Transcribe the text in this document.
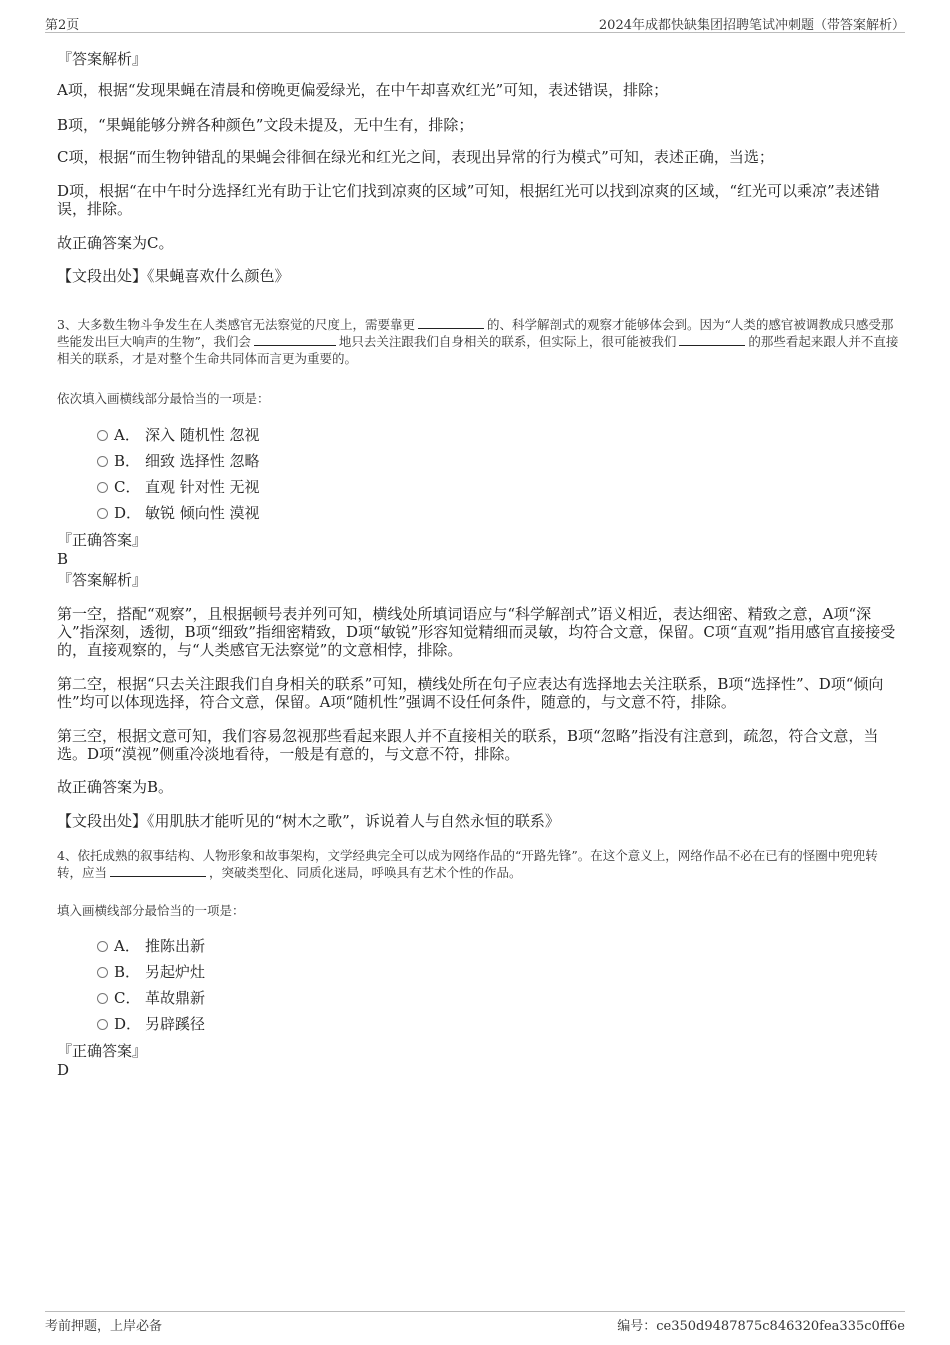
第2页	2024年成都快缺集团招聘笔试冲刺题（带答案解析）
『答案解析』
A项，根据“发现果蝇在清晨和傍晚更偏爱绿光，在中午却喜欢红光”可知，表述错误，排除；
B项，“果蝇能够分辨各种颜色”文段未提及，无中生有，排除；
C项，根据“而生物钟错乱的果蝇会徘徊在绿光和红光之间，表现出异常的行为模式”可知，表述正确，当选；
D项，根据“在中午时分选择红光有助于让它们找到凉爽的区域”可知，根据红光可以找到凉爽的区域，“红光可以乘凉”表述错误，排除。
故正确答案为C。
【文段出处】《果蝇喜欢什么颜色》
3、大多数生物斗争发生在人类感官无法察觉的尺度上，需要靠更	的、科学解剖式的观察才能够体会到。因为“人类的感官被调教成只感受那些能发出巨大响声的生物”，我们会	地只去关注跟我们自身相关的联系，但实际上，很可能被我们	的那些看起来跟人并不直接相关的联系，才是对整个生命共同体而言更为重要的。
依次填入画横线部分最恰当的一项是：
A． 深入 随机性 忽视
B． 细致 选择性 忽略
C． 直观 针对性 无视
D． 敏锐 倾向性 漠视
『正确答案』
B
『答案解析』
第一空，搭配“观察”，且根据顿号表并列可知，横线处所填词语应与“科学解剖式”语义相近，表达细密、精致之意，A项“深入”指深刻，透彻，B项“细致”指细密精致，D项“敏锐”形容知觉精细而灵敏，均符合文意，保留。C项“直观”指用感官直接接受的，直接观察的，与“人类感官无法察觉”的文意相悖，排除。
第二空，根据“只去关注跟我们自身相关的联系”可知，横线处所在句子应表达有选择地去关注联系，B项“选择性”、D项“倾向性”均可以体现选择，符合文意，保留。A项“随机性”强调不设任何条件，随意的，与文意不符，排除。
第三空，根据文意可知，我们容易忽视那些看起来跟人并不直接相关的联系，B项“忽略”指没有注意到，疏忽，符合文意，当选。D项“漠视”侧重冷淡地看待，一般是有意的，与文意不符，排除。
故正确答案为B。
【文段出处】《用肌肤才能听见的“树木之歌”，诉说着人与自然永恒的联系》
4、依托成熟的叙事结构、人物形象和故事架构，文学经典完全可以成为网络作品的“开路先锋”。在这个意义上，网络作品不必在已有的怪圈中兜兜转转，应当	，突破类型化、同质化迷局，呼唤具有艺术个性的作品。
填入画横线部分最恰当的一项是：
A． 推陈出新
B． 另起炉灶
C． 革故鼎新
D． 另辟蹊径
『正确答案』
D
考前押题，上岸必备	编号：ce350d9487875c846320fea335c0ff6e
